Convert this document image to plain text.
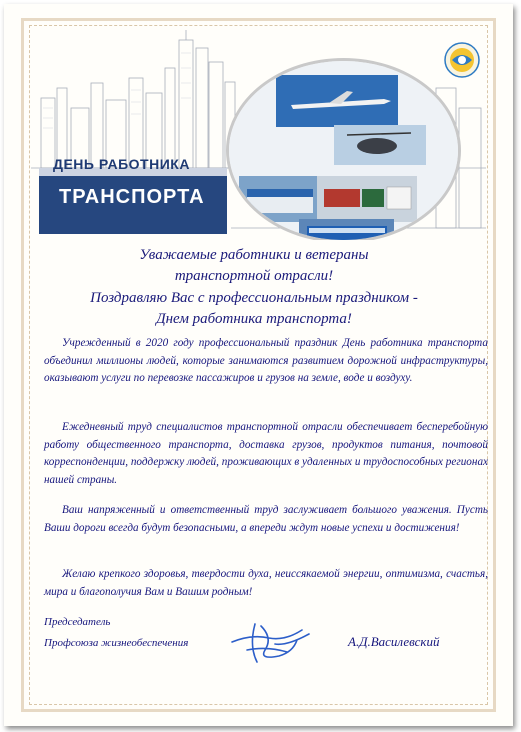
ДЕНЬ РАБОТНИКА
ТРАНСПОРТА
Уважаемые работники и ветераны
транспортной отрасли!
Поздравляю Вас с профессиональным праздником -
Днем работника транспорта!
Учрежденный в 2020 году профессиональный праздник День работника транспорта объединил миллионы людей, которые занимаются развитием дорожной инфраструктуры, оказывают услуги по перевозке пассажиров и грузов на земле, воде и воздуху.
Ежедневный труд специалистов транспортной отрасли обеспечивает бесперебойную работу общественного транспорта, доставка грузов, продуктов питания, почтовой корреспонденции, поддержку людей, проживающих в удаленных и трудоспособных регионах нашей страны.
Ваш напряженный и ответственный труд заслуживает большого уважения. Пусть Ваши дороги всегда будут безопасными, а впереди ждут новые успехи и достижения!
Желаю крепкого здоровья, твердости духа, неиссякаемой энергии, оптимизма, счастья, мира и благополучия Вам и Вашим родным!
Председатель
Профсоюза жизнеобеспечения	А.Д.Василевский
